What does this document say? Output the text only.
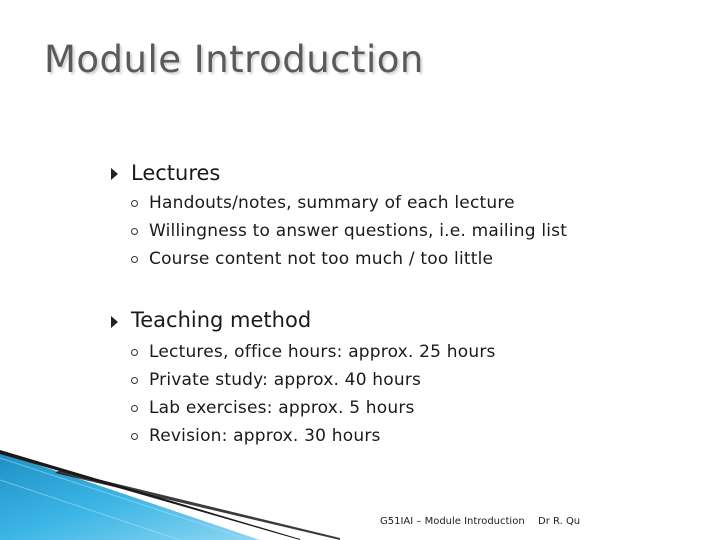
Module Introduction
Lectures
Handouts/notes, summary of each lecture
Willingness to answer questions, i.e. mailing list
Course content not too much / too little
Teaching method
Lectures, office hours: approx. 25 hours
Private study: approx. 40 hours
Lab exercises: approx. 5 hours
Revision: approx. 30 hours
G51IAI – Module Introduction Dr R. Qu
